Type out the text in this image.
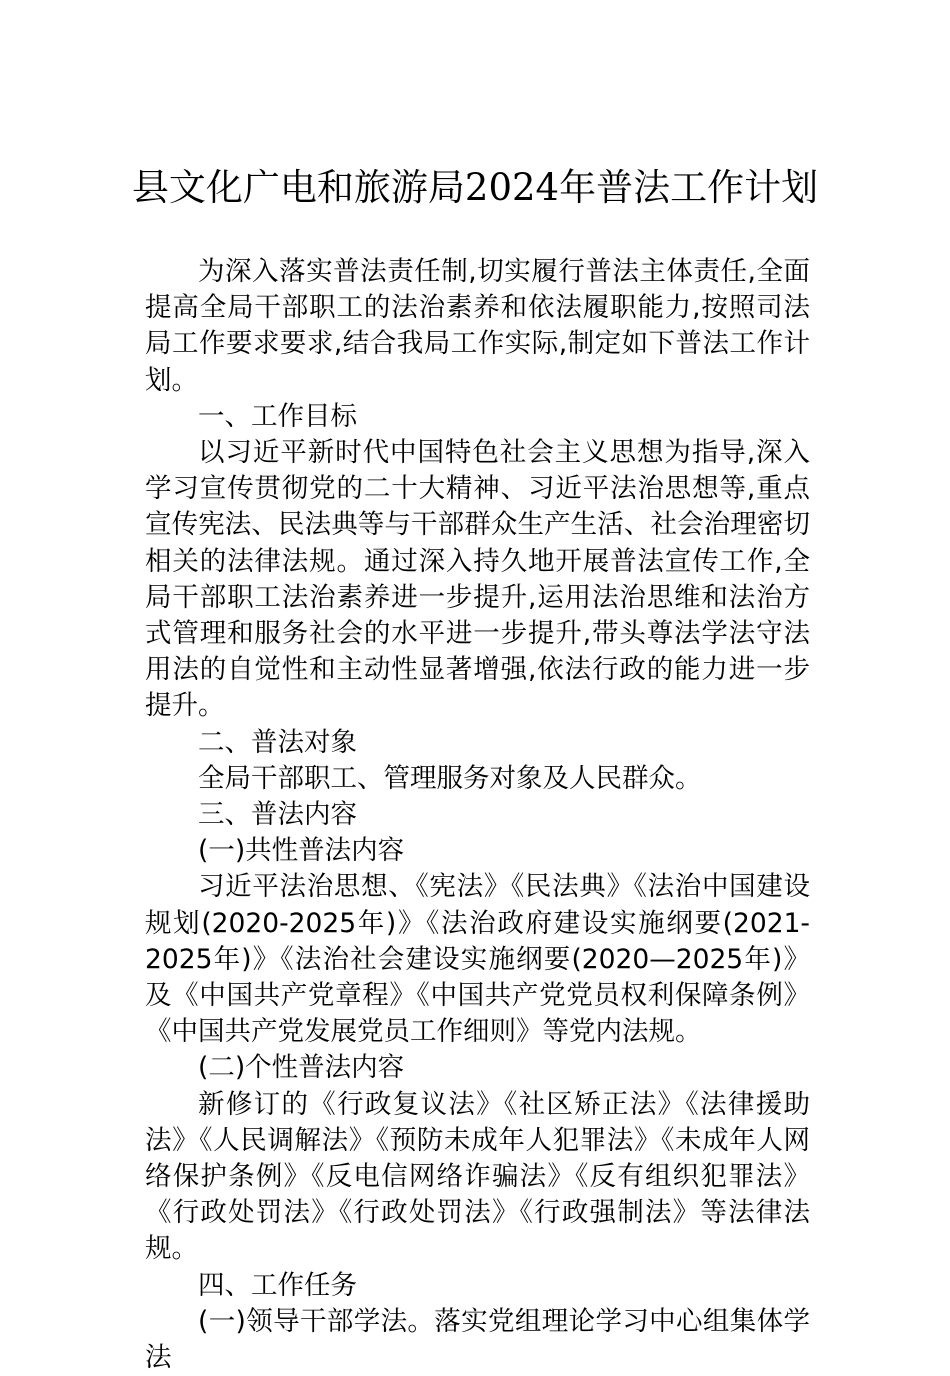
县文化广电和旅游局2024年普法工作计划

为深入落实普法责任制,切实履行普法主体责任,全面提高全局干部职工的法治素养和依法履职能力,按照司法局工作要求要求,结合我局工作实际,制定如下普法工作计划。

一、工作目标

以习近平新时代中国特色社会主义思想为指导,深入学习宣传贯彻党的二十大精神、习近平法治思想等,重点宣传宪法、民法典等与干部群众生产生活、社会治理密切相关的法律法规。通过深入持久地开展普法宣传工作,全局干部职工法治素养进一步提升,运用法治思维和法治方式管理和服务社会的水平进一步提升,带头尊法学法守法用法的自觉性和主动性显著增强,依法行政的能力进一步提升。

二、普法对象

全局干部职工、管理服务对象及人民群众。

三、普法内容

(一)共性普法内容

习近平法治思想、《宪法》《民法典》《法治中国建设规划(2020-2025年)》《法治政府建设实施纲要(2021-2025年)》《法治社会建设实施纲要(2020—2025年)》及《中国共产党章程》《中国共产党党员权利保障条例》《中国共产党发展党员工作细则》等党内法规。

(二)个性普法内容

新修订的《行政复议法》《社区矫正法》《法律援助法》《人民调解法》《预防未成年人犯罪法》《未成年人网络保护条例》《反电信网络诈骗法》《反有组织犯罪法》《行政处罚法》《行政处罚法》《行政强制法》等法律法规。

四、工作任务

(一)领导干部学法。落实党组理论学习中心组集体学法
